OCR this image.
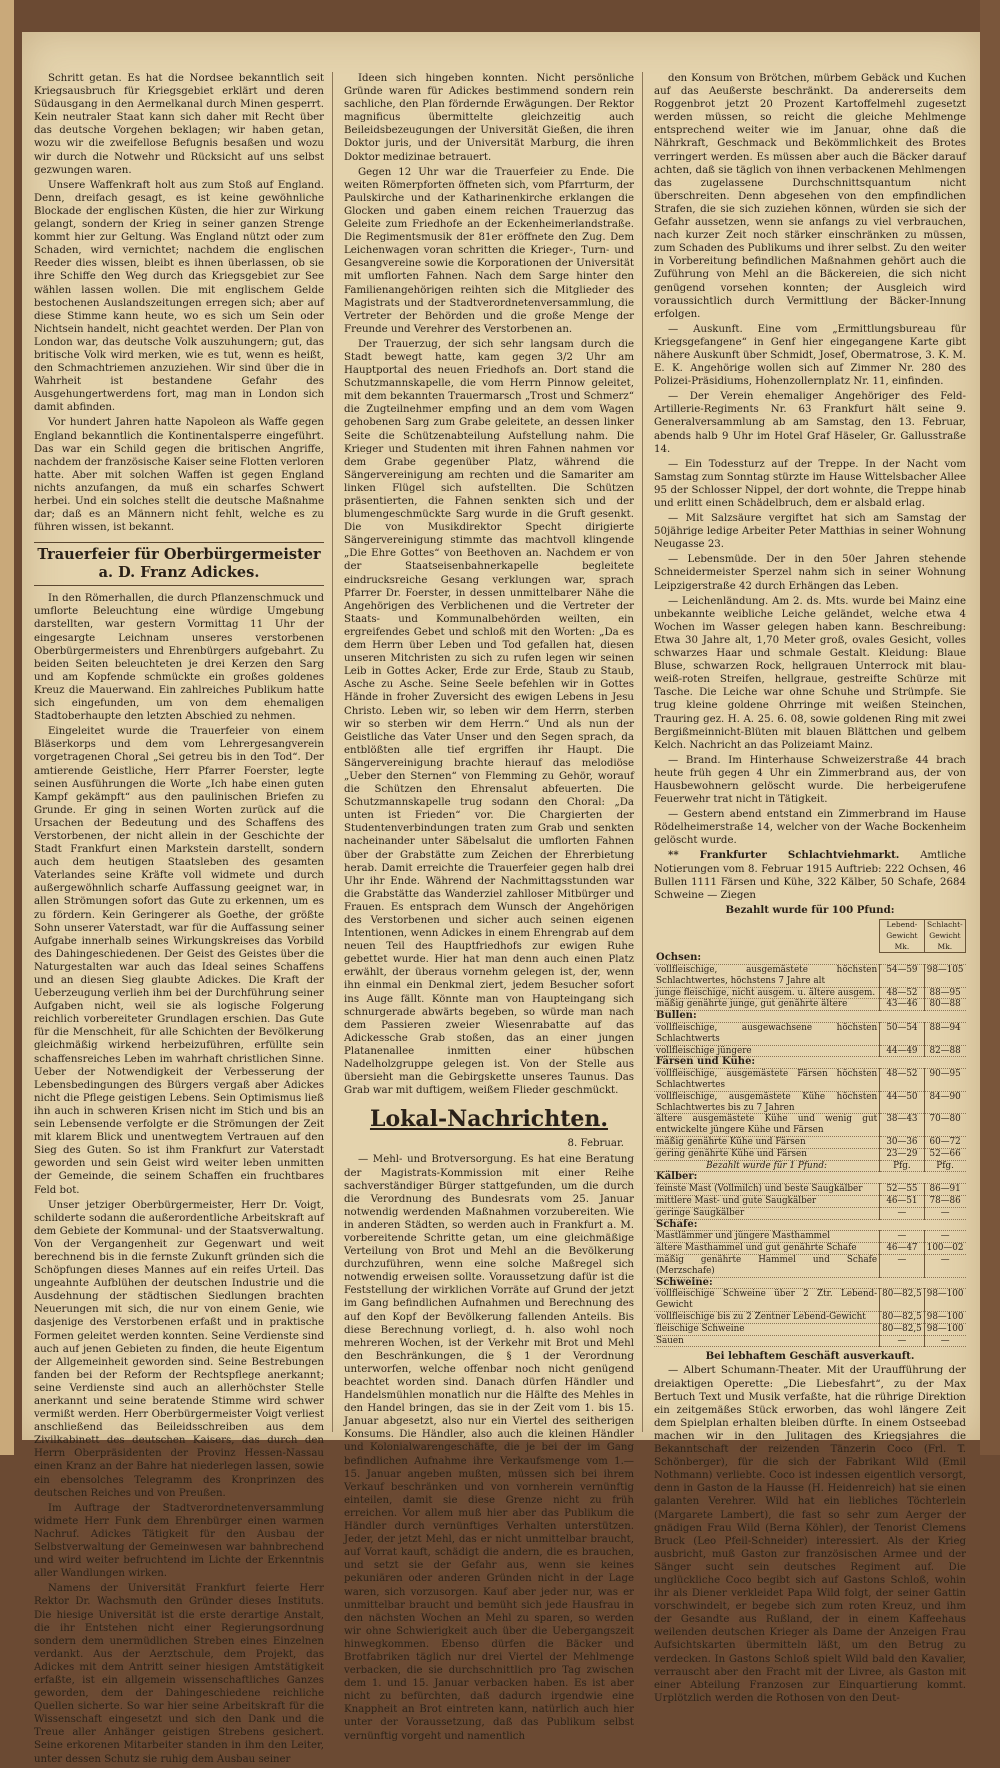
Schritt getan. Es hat die Nordsee bekanntlich seit Kriegsausbruch für Kriegsgebiet erklärt und deren Südausgang in den Aermelkanal durch Minen gesperrt. Kein neutraler Staat kann sich daher mit Recht über das deutsche Vorgehen beklagen; wir haben getan, wozu wir die zweifellose Befugnis besaßen und wozu wir durch die Notwehr und Rücksicht auf uns selbst gezwungen waren.

Unsere Waffenkraft holt aus zum Stoß auf England. Denn, dreifach gesagt, es ist keine gewöhnliche Blockade der englischen Küsten, die hier zur Wirkung gelangt, sondern der Krieg in seiner ganzen Strenge kommt hier zur Geltung. Was England nützt oder zum Schaden, wird vernichtet; nachdem die englischen Reeder dies wissen, bleibt es ihnen überlassen, ob sie ihre Schiffe den Weg durch das Kriegsgebiet zur See wählen lassen wollen. Die mit englischem Gelde bestochenen Auslandszeitungen erregen sich; aber auf diese Stimme kann heute, wo es sich um Sein oder Nichtsein handelt, nicht geachtet werden. Der Plan von London war, das deutsche Volk auszuhungern; gut, das britische Volk wird merken, wie es tut, wenn es heißt, den Schmachtriemen anzuziehen. Wir sind über die in Wahrheit ist bestandene Gefahr des Ausgehungertwerdens fort, mag man in London sich damit abfinden.

Vor hundert Jahren hatte Napoleon als Waffe gegen England bekanntlich die Kontinentalsperre eingeführt. Das war ein Schild gegen die britischen Angriffe, nachdem der französische Kaiser seine Flotten verloren hatte. Aber mit solchen Waffen ist gegen England nichts anzufangen, da muß ein scharfes Schwert herbei. Und ein solches stellt die deutsche Maßnahme dar; daß es an Männern nicht fehlt, welche es zu führen wissen, ist bekannt.

Trauerfeier für Oberbürgermeister a. D. Franz Adickes.

In den Römerhallen, die durch Pflanzenschmuck und umflorte Beleuchtung eine würdige Umgebung darstellten, war gestern Vormittag 11 Uhr der eingesargte Leichnam unseres verstorbenen Oberbürgermeisters und Ehrenbürgers aufgebahrt. Zu beiden Seiten beleuchteten je drei Kerzen den Sarg und am Kopfende schmückte ein großes goldenes Kreuz die Mauerwand. Ein zahlreiches Publikum hatte sich eingefunden, um von dem ehemaligen Stadtoberhaupte den letzten Abschied zu nehmen.

Eingeleitet wurde die Trauerfeier von einem Bläserkorps und dem vom Lehrergesangverein vorgetragenen Choral „Sei getreu bis in den Tod“. Der amtierende Geistliche, Herr Pfarrer Foerster, legte seinen Ausführungen die Worte „Ich habe einen guten Kampf gekämpft“ aus den paulinischen Briefen zu Grunde. Er ging in seinen Worten zurück auf die Ursachen der Bedeutung und des Schaffens des Verstorbenen, der nicht allein in der Geschichte der Stadt Frankfurt einen Markstein darstellt, sondern auch dem heutigen Staatsleben des gesamten Vaterlandes seine Kräfte voll widmete und durch außergewöhnlich scharfe Auffassung geeignet war, in allen Strömungen sofort das Gute zu erkennen, um es zu fördern. Kein Geringerer als Goethe, der größte Sohn unserer Vaterstadt, war für die Auffassung seiner Aufgabe innerhalb seines Wirkungskreises das Vorbild des Dahingeschiedenen. Der Geist des Geistes über die Naturgestalten war auch das Ideal seines Schaffens und an diesen Sieg glaubte Adickes. Die Kraft der Ueberzeugung verlieh ihm bei der Durchführung seiner Aufgaben nicht, weil sie als logische Folgerung reichlich vorbereiteter Grundlagen erschien. Das Gute für die Menschheit, für alle Schichten der Bevölkerung gleichmäßig wirkend herbeizuführen, erfüllte sein schaffensreiches Leben im wahrhaft christlichen Sinne. Ueber der Notwendigkeit der Verbesserung der Lebensbedingungen des Bürgers vergaß aber Adickes nicht die Pflege geistigen Lebens. Sein Optimismus ließ ihn auch in schweren Krisen nicht im Stich und bis an sein Lebensende verfolgte er die Strömungen der Zeit mit klarem Blick und unentwegtem Vertrauen auf den Sieg des Guten. So ist ihm Frankfurt zur Vaterstadt geworden und sein Geist wird weiter leben unmitten der Gemeinde, die seinem Schaffen ein fruchtbares Feld bot.

Unser jetziger Oberbürgermeister, Herr Dr. Voigt, schilderte sodann die außerordentliche Arbeitskraft auf dem Gebiete der Kommunal- und der Staatsverwaltung. Von der Vergangenheit zur Gegenwart und weit berechnend bis in die fernste Zukunft gründen sich die Schöpfungen dieses Mannes auf ein reifes Urteil. Das ungeahnte Aufblühen der deutschen Industrie und die Ausdehnung der städtischen Siedlungen brachten Neuerungen mit sich, die nur von einem Genie, wie dasjenige des Verstorbenen erfaßt und in praktische Formen geleitet werden konnten. Seine Verdienste sind auch auf jenen Gebieten zu finden, die heute Eigentum der Allgemeinheit geworden sind. Seine Bestrebungen fanden bei der Reform der Rechtspflege anerkannt; seine Verdienste sind auch an allerhöchster Stelle anerkannt und seine beratende Stimme wird schwer vermißt werden. Herr Oberbürgermeister Voigt verliest anschließend das Beileidsschreiben aus dem Zivilkabinett des deutschen Kaisers, das durch den Herrn Oberpräsidenten der Provinz Hessen-Nassau einen Kranz an der Bahre hat niederlegen lassen, sowie ein ebensolches Telegramm des Kronprinzen des deutschen Reiches und von Preußen.

Im Auftrage der Stadtverordnetenversammlung widmete Herr Funk dem Ehrenbürger einen warmen Nachruf. Adickes Tätigkeit für den Ausbau der Selbstverwaltung der Gemeinwesen war bahnbrechend und wird weiter befruchtend im Lichte der Erkenntnis aller Wandlungen wirken.

Namens der Universität Frankfurt feierte Herr Rektor Dr. Wachsmuth den Gründer dieses Instituts. Die hiesige Universität ist die erste derartige Anstalt, die ihr Entstehen nicht einer Regierungsordnung sondern dem unermüdlichen Streben eines Einzelnen verdankt. Aus der Aerztschule, dem Projekt, das Adickes mit dem Antritt seiner hiesigen Amtstätigkeit erfaßte, ist ein allgemein wissenschaftliches Ganzes geworden, dem der Dahingeschiedene reichliche Quellen sicherte. So war hier seine Arbeitskraft für die Wissenschaft eingesetzt und sich den Dank und die Treue aller Anhänger geistigen Strebens gesichert. Seine erkorenen Mitarbeiter standen in ihm den Leiter, unter dessen Schutz sie ruhig dem Ausbau seiner

Ideen sich hingeben konnten. Nicht persönliche Gründe waren für Adickes bestimmend sondern rein sachliche, den Plan fördernde Erwägungen. Der Rektor magnificus übermittelte gleichzeitig auch Beileidsbezeugungen der Universität Gießen, die ihren Doktor juris, und der Universität Marburg, die ihren Doktor medizinae betrauert.

Gegen 12 Uhr war die Trauerfeier zu Ende. Die weiten Römerpforten öffneten sich, vom Pfarrturm, der Paulskirche und der Katharinenkirche erklangen die Glocken und gaben einem reichen Trauerzug das Geleite zum Friedhofe an der Eckenheimerlandstraße. Die Regimentsmusik der 81er eröffnete den Zug. Dem Leichenwagen voran schritten die Krieger-, Turn- und Gesangvereine sowie die Korporationen der Universität mit umflorten Fahnen. Nach dem Sarge hinter den Familienangehörigen reihten sich die Mitglieder des Magistrats und der Stadtverordnetenversammlung, die Vertreter der Behörden und die große Menge der Freunde und Verehrer des Verstorbenen an.

Der Trauerzug, der sich sehr langsam durch die Stadt bewegt hatte, kam gegen 3/2 Uhr am Hauptportal des neuen Friedhofs an. Dort stand die Schutzmannskapelle, die vom Herrn Pinnow geleitet, mit dem bekannten Trauermarsch „Trost und Schmerz“ die Zugteilnehmer empfing und an dem vom Wagen gehobenen Sarg zum Grabe geleitete, an dessen linker Seite die Schützenabteilung Aufstellung nahm. Die Krieger und Studenten mit ihren Fahnen nahmen vor dem Grabe gegenüber Platz, während die Sängervereinigung am rechten und die Samariter am linken Flügel sich aufstellten. Die Schützen präsentierten, die Fahnen senkten sich und der blumengeschmückte Sarg wurde in die Gruft gesenkt. Die von Musikdirektor Specht dirigierte Sängervereinigung stimmte das machtvoll klingende „Die Ehre Gottes“ von Beethoven an. Nachdem er von der Staatseisenbahnerkapelle begleitete eindrucksreiche Gesang verklungen war, sprach Pfarrer Dr. Foerster, in dessen unmittelbarer Nähe die Angehörigen des Verblichenen und die Vertreter der Staats- und Kommunalbehörden weilten, ein ergreifendes Gebet und schloß mit den Worten: „Da es dem Herrn über Leben und Tod gefallen hat, diesen unseren Mitchristen zu sich zu rufen legen wir seinen Leib in Gottes Acker, Erde zur Erde, Staub zu Staub, Asche zu Asche. Seine Seele befehlen wir in Gottes Hände in froher Zuversicht des ewigen Lebens in Jesu Christo. Leben wir, so leben wir dem Herrn, sterben wir so sterben wir dem Herrn.“ Und als nun der Geistliche das Vater Unser und den Segen sprach, da entblößten alle tief ergriffen ihr Haupt. Die Sängervereinigung brachte hierauf das melodiöse „Ueber den Sternen“ von Flemming zu Gehör, worauf die Schützen den Ehrensalut abfeuerten. Die Schutzmannskapelle trug sodann den Choral: „Da unten ist Frieden“ vor. Die Chargierten der Studentenverbindungen traten zum Grab und senkten nacheinander unter Säbelsalut die umflorten Fahnen über der Grabstätte zum Zeichen der Ehrerbietung herab. Damit erreichte die Trauerfeier gegen halb drei Uhr ihr Ende. Während der Nachmittagsstunden war die Grabstätte das Wanderziel zahlloser Mitbürger und Frauen. Es entsprach dem Wunsch der Angehörigen des Verstorbenen und sicher auch seinen eigenen Intentionen, wenn Adickes in einem Ehrengrab auf dem neuen Teil des Hauptfriedhofs zur ewigen Ruhe gebettet wurde. Hier hat man denn auch einen Platz erwählt, der überaus vornehm gelegen ist, der, wenn ihn einmal ein Denkmal ziert, jedem Besucher sofort ins Auge fällt. Könnte man von Haupteingang sich schnurgerade abwärts begeben, so würde man nach dem Passieren zweier Wiesenrabatte auf das Adickessche Grab stoßen, das an einer jungen Platanenallee inmitten einer hübschen Nadelholzgruppe gelegen ist. Von der Stelle aus übersieht man die Gebirgskette unseres Taunus. Das Grab war mit duftigem, weißem Flieder geschmückt.

Lokal-Nachrichten.
8. Februar.

— Mehl- und Brotversorgung. Es hat eine Beratung der Magistrats-Kommission mit einer Reihe sachverständiger Bürger stattgefunden, um die durch die Verordnung des Bundesrats vom 25. Januar notwendig werdenden Maßnahmen vorzubereiten. Wie in anderen Städten, so werden auch in Frankfurt a. M. vorbereitende Schritte getan, um eine gleichmäßige Verteilung von Brot und Mehl an die Bevölkerung durchzuführen, wenn eine solche Maßregel sich notwendig erweisen sollte. Voraussetzung dafür ist die Feststellung der wirklichen Vorräte auf Grund der jetzt im Gang befindlichen Aufnahmen und Berechnung des auf den Kopf der Bevölkerung fallenden Anteils. Bis diese Berechnung vorliegt, d. h. also wohl noch mehreren Wochen, ist der Verkehr mit Brot und Mehl den Beschränkungen, die § 1 der Verordnung unterworfen, welche offenbar noch nicht genügend beachtet worden sind. Danach dürfen Händler und Handelsmühlen monatlich nur die Hälfte des Mehles in den Handel bringen, das sie in der Zeit vom 1. bis 15. Januar abgesetzt, also nur ein Viertel des seitherigen Konsums. Die Händler, also auch die kleinen Händler und Kolonialwarengeschäfte, die je bei der im Gang befindlichen Aufnahme ihre Verkaufsmenge vom 1.—15. Januar angeben mußten, müssen sich bei ihrem Verkauf beschränken und von vornherein vernünftig einteilen, damit sie diese Grenze nicht zu früh erreichen. Vor allem muß hier aber das Publikum die Händler durch vernünftiges Verhalten unterstützen. Jeder, der jetzt Mehl, das er nicht unmittelbar braucht, auf Vorrat kauft, schädigt die andern, die es brauchen, und setzt sie der Gefahr aus, wenn sie keines pekuniären oder anderen Gründen nicht in der Lage waren, sich vorzusorgen. Kauf aber jeder nur, was er unmittelbar braucht und bemüht sich jede Hausfrau in den nächsten Wochen an Mehl zu sparen, so werden wir ohne Schwierigkeit auch über die Uebergangszeit hinwegkommen. Ebenso dürfen die Bäcker und Brotfabriken täglich nur drei Viertel der Mehlmenge verbacken, die sie durchschnittlich pro Tag zwischen dem 1. und 15. Januar verbacken haben. Es ist aber nicht zu befürchten, daß dadurch irgendwie eine Knappheit an Brot eintreten kann, natürlich auch hier unter der Voraussetzung, daß das Publikum selbst vernünftig vorgeht und namentlich

den Konsum von Brötchen, mürbem Gebäck und Kuchen auf das Aeußerste beschränkt. Da andererseits dem Roggenbrot jetzt 20 Prozent Kartoffelmehl zugesetzt werden müssen, so reicht die gleiche Mehlmenge entsprechend weiter wie im Januar, ohne daß die Nährkraft, Geschmack und Bekömmlichkeit des Brotes verringert werden. Es müssen aber auch die Bäcker darauf achten, daß sie täglich von ihnen verbackenen Mehlmengen das zugelassene Durchschnittsquantum nicht überschreiten. Denn abgesehen von den empfindlichen Strafen, die sie sich zuziehen können, würden sie sich der Gefahr aussetzen, wenn sie anfangs zu viel verbrauchen, nach kurzer Zeit noch stärker einschränken zu müssen, zum Schaden des Publikums und ihrer selbst. Zu den weiter in Vorbereitung befindlichen Maßnahmen gehört auch die Zuführung von Mehl an die Bäckereien, die sich nicht genügend vorsehen konnten; der Ausgleich wird voraussichtlich durch Vermittlung der Bäcker-Innung erfolgen.

— Auskunft. Eine vom „Ermittlungsbureau für Kriegsgefangene“ in Genf hier eingegangene Karte gibt nähere Auskunft über Schmidt, Josef, Obermatrose, 3. K. M. E. K. Angehörige wollen sich auf Zimmer Nr. 280 des Polizei-Präsidiums, Hohenzollernplatz Nr. 11, einfinden.

— Der Verein ehemaliger Angehöriger des Feld-Artillerie-Regiments Nr. 63 Frankfurt hält seine 9. Generalversammlung ab am Samstag, den 13. Februar, abends halb 9 Uhr im Hotel Graf Häseler, Gr. Gallusstraße 14.

— Ein Todessturz auf der Treppe. In der Nacht vom Samstag zum Sonntag stürzte im Hause Wittelsbacher Allee 95 der Schlosser Nippel, der dort wohnte, die Treppe hinab und erlitt einen Schädelbruch, dem er alsbald erlag.

— Mit Salzsäure vergiftet hat sich am Samstag der 50jährige ledige Arbeiter Peter Matthias in seiner Wohnung Neugasse 23.

— Lebensmüde. Der in den 50er Jahren stehende Schneidermeister Sperzel nahm sich in seiner Wohnung Leipzigerstraße 42 durch Erhängen das Leben.

— Leichenländung. Am 2. ds. Mts. wurde bei Mainz eine unbekannte weibliche Leiche geländet, welche etwa 4 Wochen im Wasser gelegen haben kann. Beschreibung: Etwa 30 Jahre alt, 1,70 Meter groß, ovales Gesicht, volles schwarzes Haar und schmale Gestalt. Kleidung: Blaue Bluse, schwarzen Rock, hellgrauen Unterrock mit blau-weiß-roten Streifen, hellgraue, gestreifte Schürze mit Tasche. Die Leiche war ohne Schuhe und Strümpfe. Sie trug kleine goldene Ohrringe mit weißen Steinchen, Trauring gez. H. A. 25. 6. 08, sowie goldenen Ring mit zwei Bergißmeinnicht-Blüten mit blauen Blättchen und gelbem Kelch. Nachricht an das Polizeiamt Mainz.

— Brand. Im Hinterhause Schweizerstraße 44 brach heute früh gegen 4 Uhr ein Zimmerbrand aus, der von Hausbewohnern gelöscht wurde. Die herbeigerufene Feuerwehr trat nicht in Tätigkeit.

— Gestern abend entstand ein Zimmerbrand im Hause Rödelheimerstraße 14, welcher von der Wache Bockenheim gelöscht wurde.

** Frankfurter Schlachtviehmarkt. Amtliche Notierungen vom 8. Februar 1915 Auftrieb: 222 Ochsen, 46 Bullen 1111 Färsen und Kühe, 322 Kälber, 50 Schafe, 2684 Schweine — Ziegen

Bezahlt wurde für 100 Pfund:
	Lebend-Gewicht Mk.	Schlacht-Gewicht Mk.
Ochsen:		
vollfleischige, ausgemästete höchsten Schlachtwertes, höchstens 7 Jahre alt	54—59	98—105
junge fleischige, nicht ausgem. u. ältere ausgem.	48—52	88—95
mäßig genährte junge, gut genährte ältere	43—46	80—88
Bullen:		
vollfleischige, ausgewachsene höchsten Schlachtwerts	50—54	88—94
vollfleischige jüngere	44—49	82—88
Färsen und Kühe:		
vollfleischige, ausgemästete Färsen höchsten Schlachtwertes	48—52	90—95
vollfleischige, ausgemästete Kühe höchsten Schlachtwertes bis zu 7 Jahren	44—50	84—90
ältere ausgemästete Kühe und wenig gut entwickelte jüngere Kühe und Färsen	38—43	70—80
mäßig genährte Kühe und Färsen	30—36	60—72
gering genährte Kühe und Färsen	23—29	52—66
Bezahlt wurde für 1 Pfund:	Pfg.	Pfg.
Kälber:		
feinste Mast (Vollmilch) und beste Saugkälber	52—55	86—91
mittlere Mast- und gute Saugkälber	46—51	78—86
geringe Saugkälber	—	—
Schafe:		
Mastlämmer und jüngere Masthammel	—	—
ältere Masthammel und gut genährte Schafe	46—47	100—02
mäßig genährte Hammel und Schafe (Merzschafe)	—	—
Schweine:		
vollfleischige Schweine über 2 Ztr. Lebend-Gewicht	80—82,5	98—100
vollfleischige bis zu 2 Zentner Lebend-Gewicht	80—82,5	98—100
fleischige Schweine	80—82,5	98—100
Sauen	—	—
Bei lebhaftem Geschäft ausverkauft.

— Albert Schumann-Theater. Mit der Uraufführung der dreiaktigen Operette: „Die Liebesfahrt“, zu der Max Bertuch Text und Musik verfaßte, hat die rührige Direktion ein zeitgemäßes Stück erworben, das wohl längere Zeit dem Spielplan erhalten bleiben dürfte. In einem Ostseebad machen wir in den Julitagen des Kriegsjahres die Bekanntschaft der reizenden Tänzerin Coco (Frl. T. Schönberger), für die sich der Fabrikant Wild (Emil Nothmann) verliebte. Coco ist indessen eigentlich versorgt, denn in Gaston de la Hausse (H. Heidenreich) hat sie einen galanten Verehrer. Wild hat ein liebliches Töchterlein (Margarete Lambert), die fast so sehr zum Aerger der gnädigen Frau Wild (Berna Köhler), der Tenorist Clemens Bruck (Leo Pfeil-Schneider) interessiert. Als der Krieg ausbricht, muß Gaston zur französischen Armee und der Sänger sucht sein deutsches Regiment auf. Die unglückliche Coco begibt sich auf Gastons Schloß, wohin ihr als Diener verkleidet Papa Wild folgt, der seiner Gattin vorschwindelt, er begebe sich zum roten Kreuz, und ihm der Gesandte aus Rußland, der in einem Kaffeehaus weilenden deutschen Krieger als Dame der Anzeigen Frau Aufsichtskarten übermitteln läßt, um den Betrug zu verdecken. In Gastons Schloß spielt Wild bald den Kavalier, verrauscht aber den Fracht mit der Livree, als Gaston mit einer Abteilung Franzosen zur Einquartierung kommt. Urplötzlich werden die Rothosen von den Deut-
